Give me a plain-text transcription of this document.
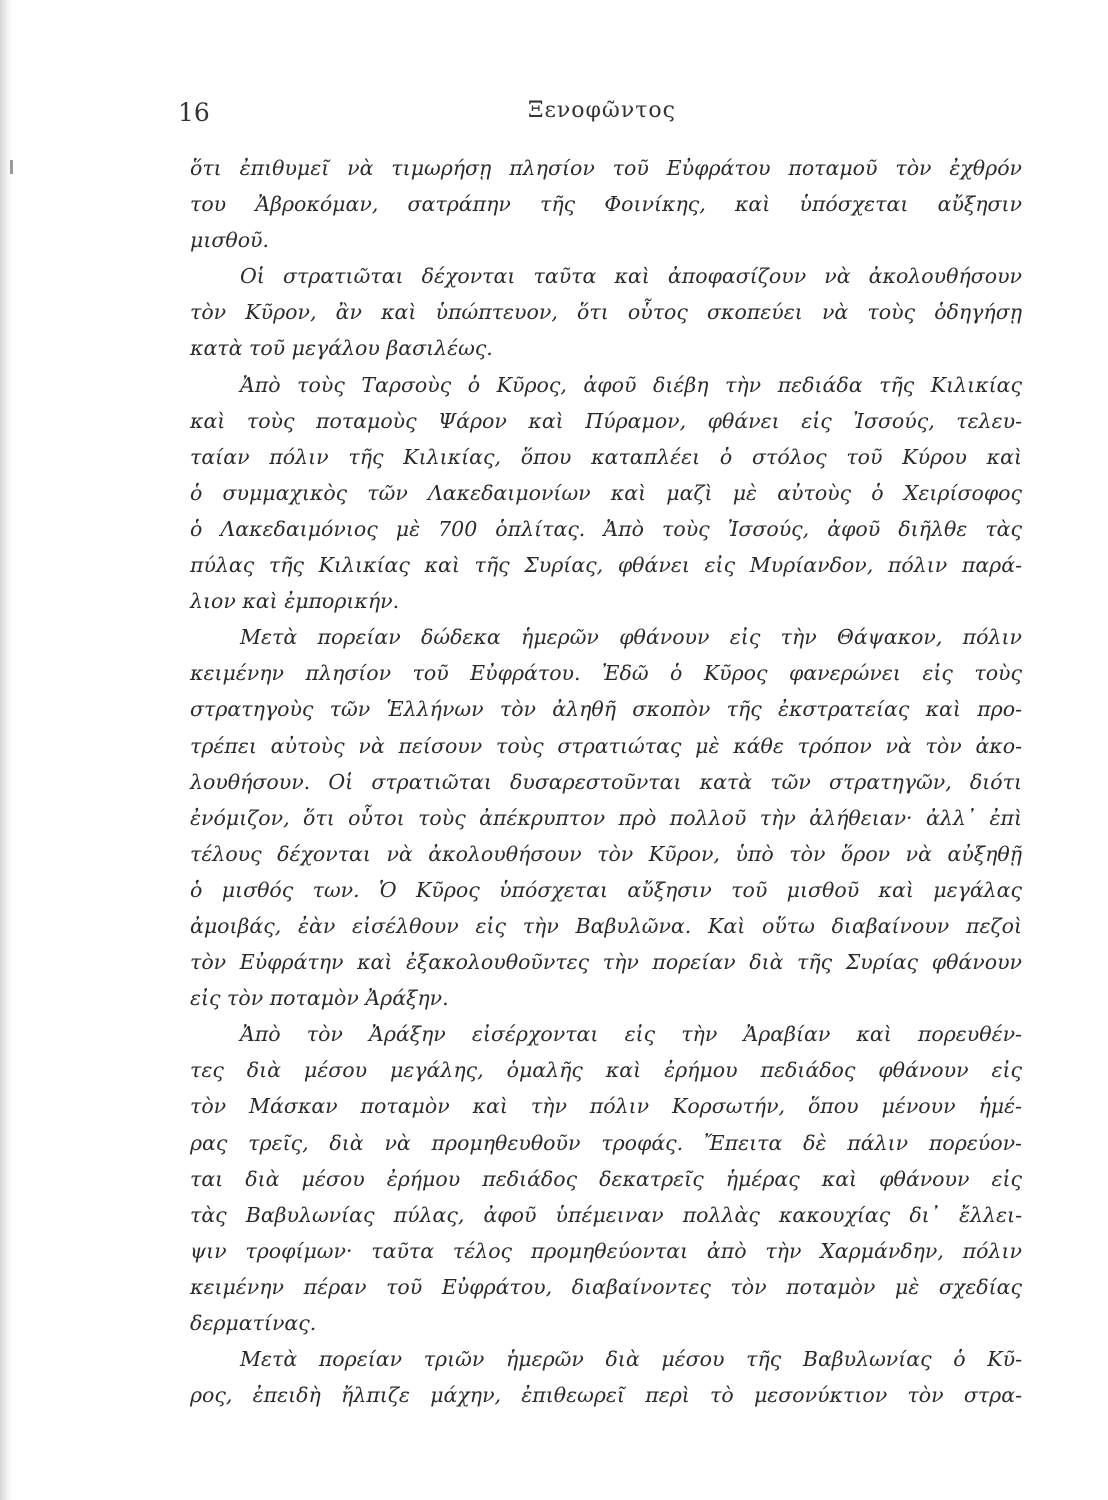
16	Ξενοφῶντος
ὅτι ἐπιθυμεῖ νὰ τιμωρήσῃ πλησίον τοῦ Εὐφράτου ποταμοῦ τὸν ἐχθρόν
του Ἀβροκόμαν, σατράπην τῆς Φοινίκης, καὶ ὑπόσχεται αὔξησιν
μισθοῦ.
Οἱ στρατιῶται δέχονται ταῦτα καὶ ἀποφασίζουν νὰ ἀκολουθήσουν
τὸν Κῦρον, ἂν καὶ ὑπώπτευον, ὅτι οὗτος σκοπεύει νὰ τοὺς ὁδηγήσῃ
κατὰ τοῦ μεγάλου βασιλέως.
Ἀπὸ τοὺς Ταρσοὺς ὁ Κῦρος, ἀφοῦ διέβη τὴν πεδιάδα τῆς Κιλικίας
καὶ τοὺς ποταμοὺς Ψάρον καὶ Πύραμον, φθάνει εἰς Ἰσσούς, τελευ-
ταίαν πόλιν τῆς Κιλικίας, ὅπου καταπλέει ὁ στόλος τοῦ Κύρου καὶ
ὁ συμμαχικὸς τῶν Λακεδαιμονίων καὶ μαζὶ μὲ αὐτοὺς ὁ Χειρίσοφος
ὁ Λακεδαιμόνιος μὲ 700 ὁπλίτας. Ἀπὸ τοὺς Ἰσσούς, ἀφοῦ διῆλθε τὰς
πύλας τῆς Κιλικίας καὶ τῆς Συρίας, φθάνει εἰς Μυρίανδον, πόλιν παρά-
λιον καὶ ἐμπορικήν.
Μετὰ πορείαν δώδεκα ἡμερῶν φθάνουν εἰς τὴν Θάψακον, πόλιν
κειμένην πλησίον τοῦ Εὐφράτου. Ἐδῶ ὁ Κῦρος φανερώνει εἰς τοὺς
στρατηγοὺς τῶν Ἑλλήνων τὸν ἀληθῆ σκοπὸν τῆς ἐκστρατείας καὶ προ-
τρέπει αὐτοὺς νὰ πείσουν τοὺς στρατιώτας μὲ κάθε τρόπον νὰ τὸν ἀκο-
λουθήσουν. Οἱ στρατιῶται δυσαρεστοῦνται κατὰ τῶν στρατηγῶν, διότι
ἐνόμιζον, ὅτι οὗτοι τοὺς ἀπέκρυπτον πρὸ πολλοῦ τὴν ἀλήθειαν· ἀλλ᾽ ἐπὶ
τέλους δέχονται νὰ ἀκολουθήσουν τὸν Κῦρον, ὑπὸ τὸν ὅρον νὰ αὐξηθῇ
ὁ μισθός των. Ὁ Κῦρος ὑπόσχεται αὔξησιν τοῦ μισθοῦ καὶ μεγάλας
ἀμοιβάς, ἐὰν εἰσέλθουν εἰς τὴν Βαβυλῶνα. Καὶ οὕτω διαβαίνουν πεζοὶ
τὸν Εὐφράτην καὶ ἐξακολουθοῦντες τὴν πορείαν διὰ τῆς Συρίας φθάνουν
εἰς τὸν ποταμὸν Ἀράξην.
Ἀπὸ τὸν Ἀράξην εἰσέρχονται εἰς τὴν Ἀραβίαν καὶ πορευθέν-
τες διὰ μέσου μεγάλης, ὁμαλῆς καὶ ἐρήμου πεδιάδος φθάνουν εἰς
τὸν Μάσκαν ποταμὸν καὶ τὴν πόλιν Κορσωτήν, ὅπου μένουν ἡμέ-
ρας τρεῖς, διὰ νὰ προμηθευθοῦν τροφάς. Ἔπειτα δὲ πάλιν πορεύον-
ται διὰ μέσου ἐρήμου πεδιάδος δεκατρεῖς ἡμέρας καὶ φθάνουν εἰς
τὰς Βαβυλωνίας πύλας, ἀφοῦ ὑπέμειναν πολλὰς κακουχίας δι᾽ ἔλλει-
ψιν τροφίμων· ταῦτα τέλος προμηθεύονται ἀπὸ τὴν Χαρμάνδην, πόλιν
κειμένην πέραν τοῦ Εὐφράτου, διαβαίνοντες τὸν ποταμὸν μὲ σχεδίας
δερματίνας.
Μετὰ πορείαν τριῶν ἡμερῶν διὰ μέσου τῆς Βαβυλωνίας ὁ Κῦ-
ρος, ἐπειδὴ ἤλπιζε μάχην, ἐπιθεωρεῖ περὶ τὸ μεσονύκτιον τὸν στρα-
